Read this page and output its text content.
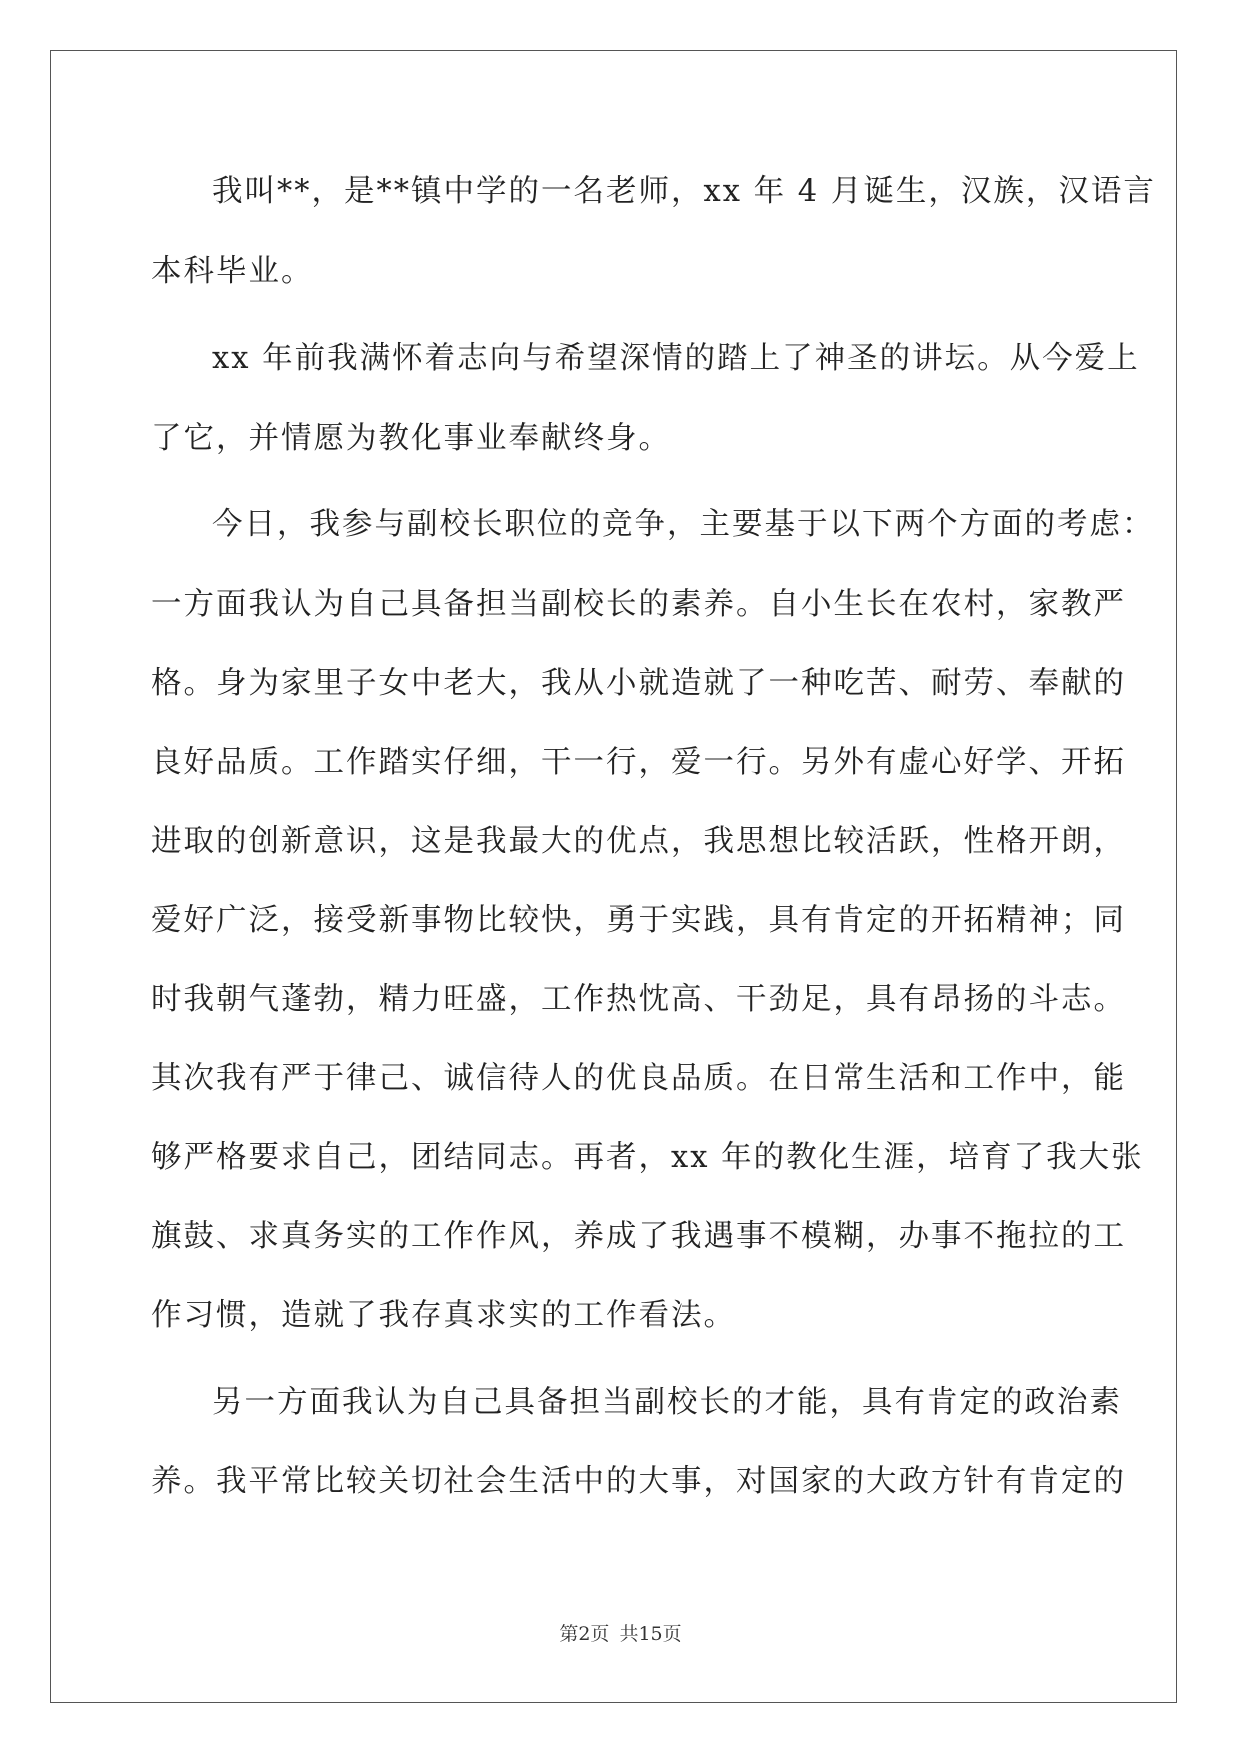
我叫**，是**镇中学的一名老师，xx 年 4 月诞生，汉族，汉语言

本科毕业。

xx 年前我满怀着志向与希望深情的踏上了神圣的讲坛。从今爱上

了它，并情愿为教化事业奉献终身。

今日，我参与副校长职位的竞争，主要基于以下两个方面的考虑：

一方面我认为自己具备担当副校长的素养。自小生长在农村，家教严

格。身为家里子女中老大，我从小就造就了一种吃苦、耐劳、奉献的

良好品质。工作踏实仔细，干一行，爱一行。另外有虚心好学、开拓

进取的创新意识，这是我最大的优点，我思想比较活跃，性格开朗，

爱好广泛，接受新事物比较快，勇于实践，具有肯定的开拓精神；同

时我朝气蓬勃，精力旺盛，工作热忱高、干劲足，具有昂扬的斗志。

其次我有严于律己、诚信待人的优良品质。在日常生活和工作中，能

够严格要求自己，团结同志。再者，xx 年的教化生涯，培育了我大张

旗鼓、求真务实的工作作风，养成了我遇事不模糊，办事不拖拉的工

作习惯，造就了我存真求实的工作看法。

另一方面我认为自己具备担当副校长的才能，具有肯定的政治素

养。我平常比较关切社会生活中的大事，对国家的大政方针有肯定的

第2页 共15页
